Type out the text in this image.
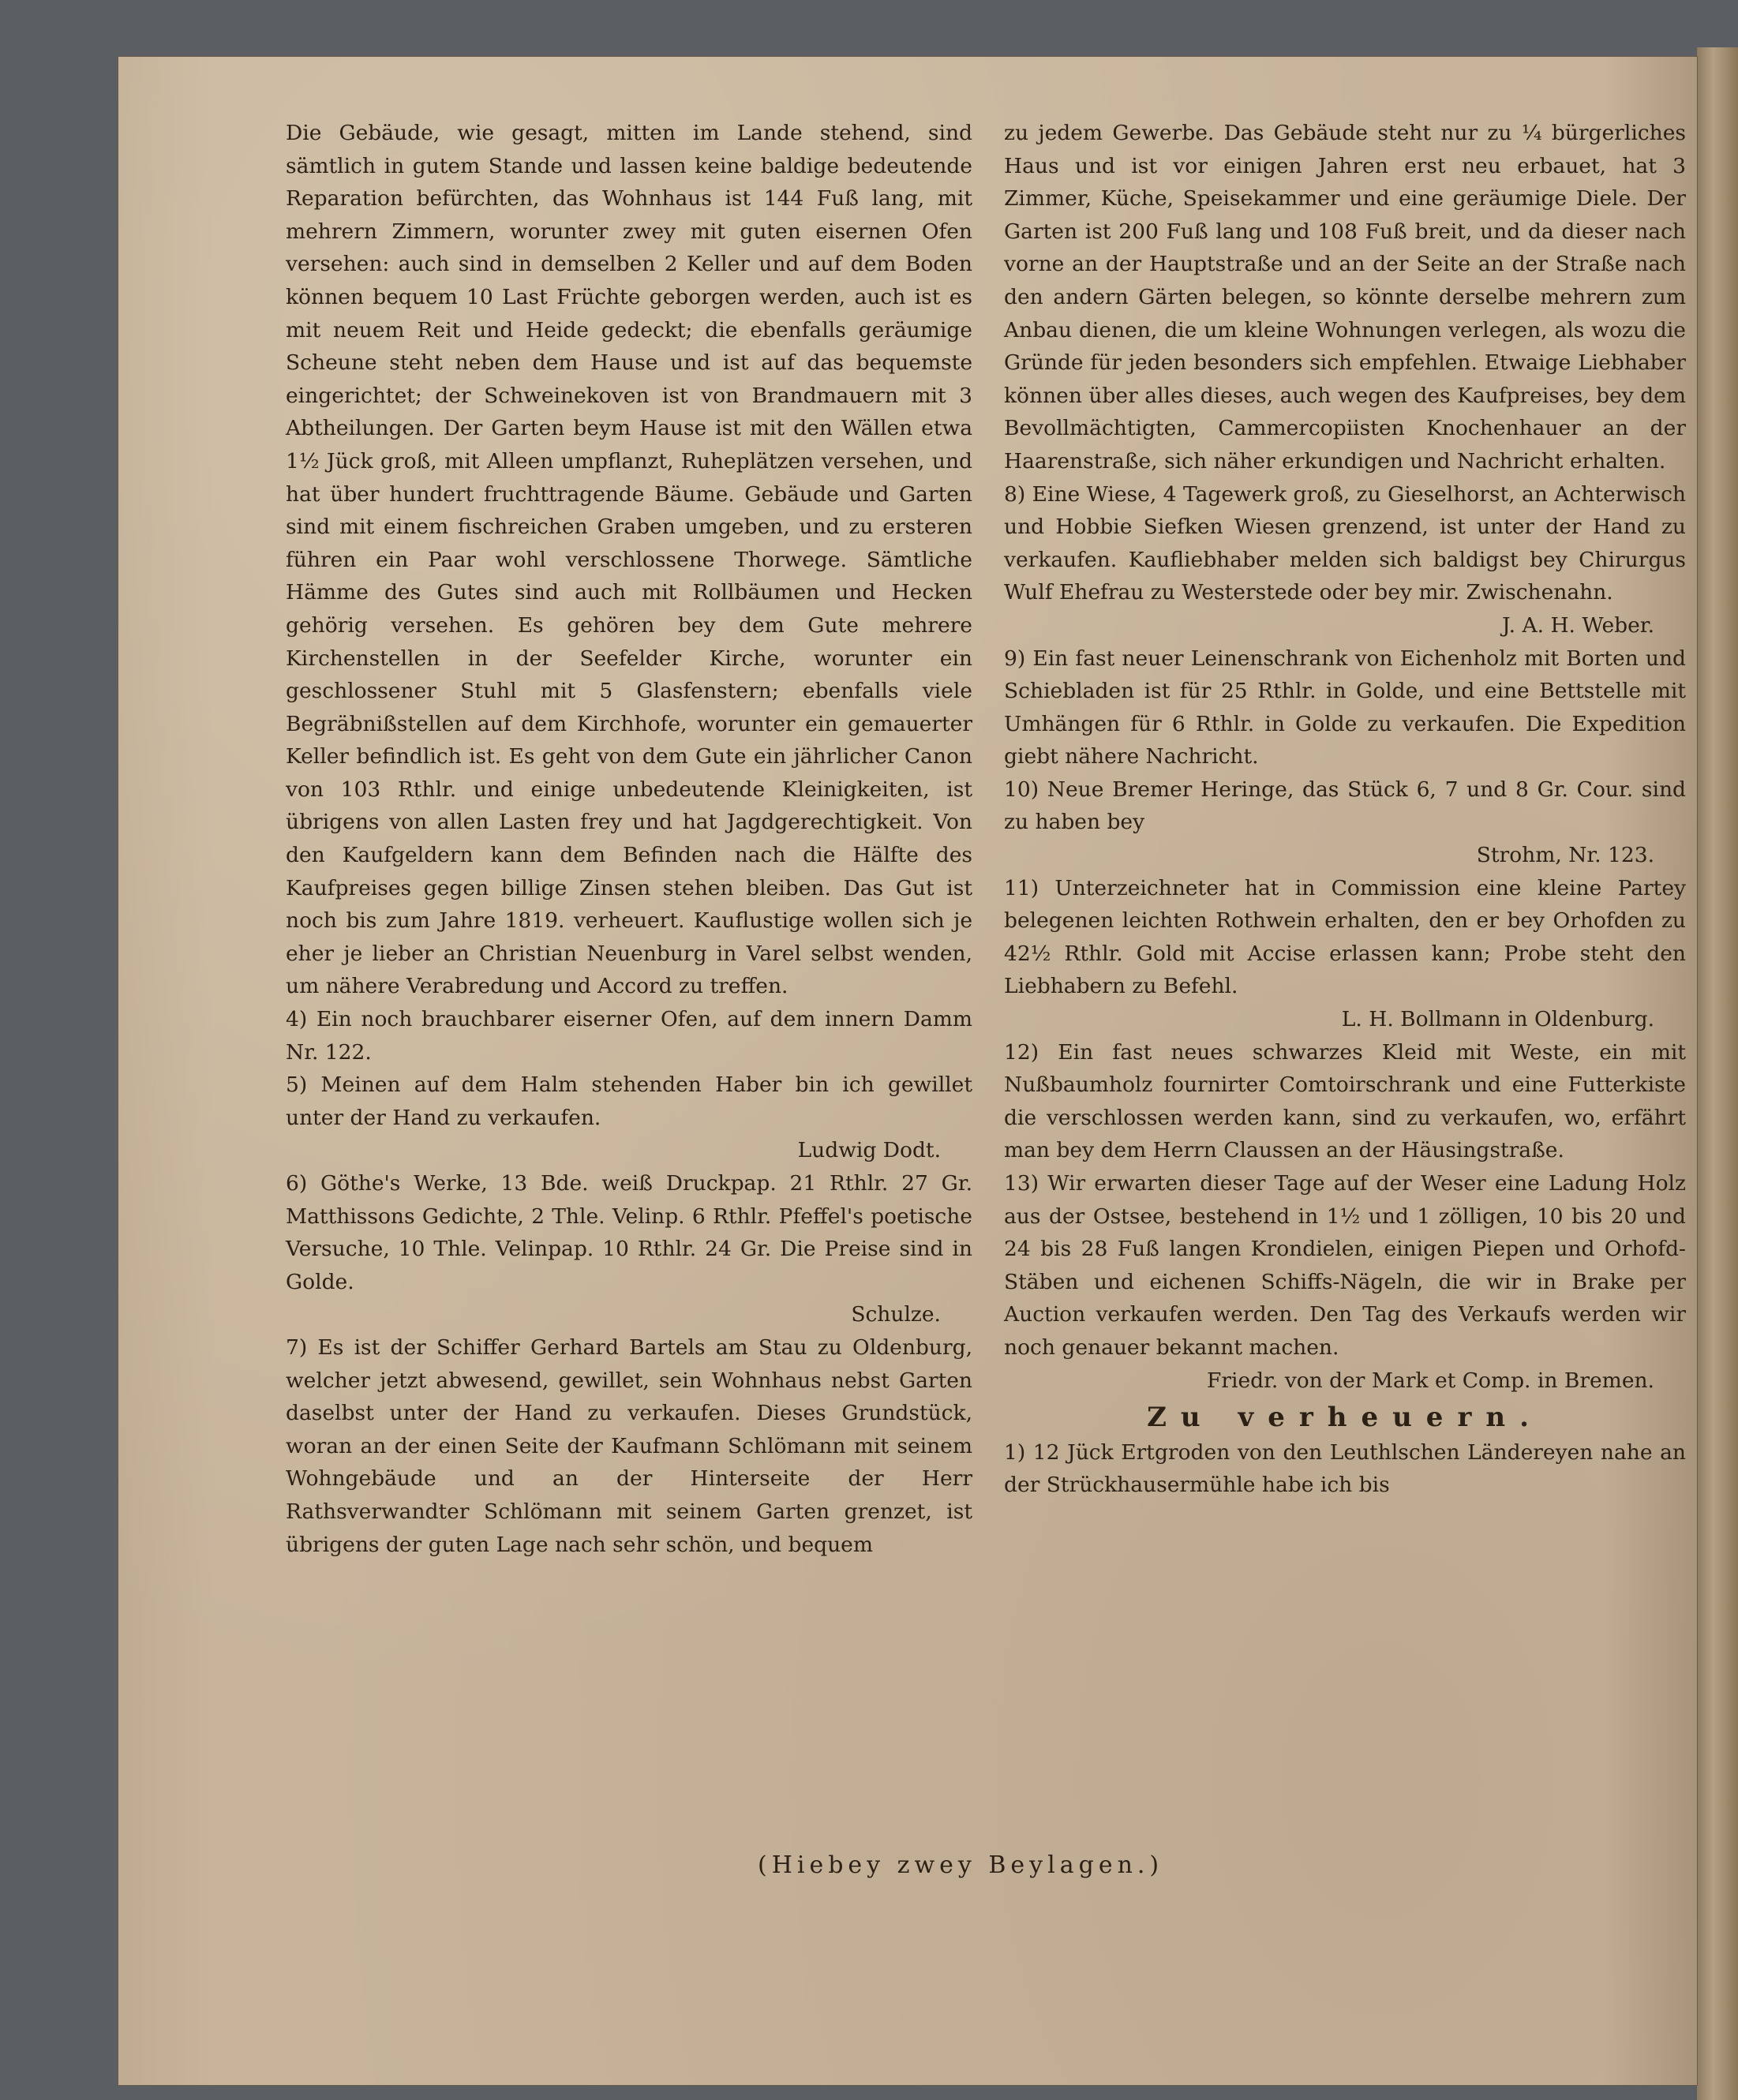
Die Gebäude, wie gesagt, mitten im Lande stehend, sind sämtlich in gutem Stande und lassen keine baldige bedeutende Reparation befürchten, das Wohnhaus ist 144 Fuß lang, mit mehrern Zimmern, worunter zwey mit guten eisernen Ofen versehen: auch sind in demselben 2 Keller und auf dem Boden können bequem 10 Last Früchte geborgen werden, auch ist es mit neuem Reit und Heide gedeckt; die ebenfalls geräumige Scheune steht neben dem Hause und ist auf das bequemste eingerichtet; der Schweinekoven ist von Brandmauern mit 3 Abtheilungen. Der Garten beym Hause ist mit den Wällen etwa 1½ Jück groß, mit Alleen umpflanzt, Ruheplätzen versehen, und hat über hundert fruchttragende Bäume. Gebäude und Garten sind mit einem fischreichen Graben umgeben, und zu ersteren führen ein Paar wohl verschlossene Thorwege. Sämtliche Hämme des Gutes sind auch mit Rollbäumen und Hecken gehörig versehen. Es gehören bey dem Gute mehrere Kirchenstellen in der Seefelder Kirche, worunter ein geschlossener Stuhl mit 5 Glasfenstern; ebenfalls viele Begräbnißstellen auf dem Kirchhofe, worunter ein gemauerter Keller befindlich ist. Es geht von dem Gute ein jährlicher Canon von 103 Rthlr. und einige unbedeutende Kleinigkeiten, ist übrigens von allen Lasten frey und hat Jagdgerechtigkeit. Von den Kaufgeldern kann dem Befinden nach die Hälfte des Kaufpreises gegen billige Zinsen stehen bleiben. Das Gut ist noch bis zum Jahre 1819. verheuert. Kauflustige wollen sich je eher je lieber an Christian Neuenburg in Varel selbst wenden, um nähere Verabredung und Accord zu treffen.

4) Ein noch brauchbarer eiserner Ofen, auf dem innern Damm Nr. 122.

5) Meinen auf dem Halm stehenden Haber bin ich gewillet unter der Hand zu verkaufen.

Ludwig Dodt.

6) Göthe's Werke, 13 Bde. weiß Druckpap. 21 Rthlr. 27 Gr. Matthissons Gedichte, 2 Thle. Velinp. 6 Rthlr. Pfeffel's poetische Versuche, 10 Thle. Velinpap. 10 Rthlr. 24 Gr. Die Preise sind in Golde.

Schulze.

7) Es ist der Schiffer Gerhard Bartels am Stau zu Oldenburg, welcher jetzt abwesend, gewillet, sein Wohnhaus nebst Garten daselbst unter der Hand zu verkaufen. Dieses Grundstück, woran an der einen Seite der Kaufmann Schlömann mit seinem Wohngebäude und an der Hinterseite der Herr Rathsverwandter Schlömann mit seinem Garten grenzet, ist übrigens der guten Lage nach sehr schön, und bequem

zu jedem Gewerbe. Das Gebäude steht nur zu ¼ bürgerliches Haus und ist vor einigen Jahren erst neu erbauet, hat 3 Zimmer, Küche, Speisekammer und eine geräumige Diele. Der Garten ist 200 Fuß lang und 108 Fuß breit, und da dieser nach vorne an der Hauptstraße und an der Seite an der Straße nach den andern Gärten belegen, so könnte derselbe mehrern zum Anbau dienen, die um kleine Wohnungen verlegen, als wozu die Gründe für jeden besonders sich empfehlen. Etwaige Liebhaber können über alles dieses, auch wegen des Kaufpreises, bey dem Bevollmächtigten, Cammercopiisten Knochenhauer an der Haarenstraße, sich näher erkundigen und Nachricht erhalten.

8) Eine Wiese, 4 Tagewerk groß, zu Gieselhorst, an Achterwisch und Hobbie Siefken Wiesen grenzend, ist unter der Hand zu verkaufen. Kaufliebhaber melden sich baldigst bey Chirurgus Wulf Ehefrau zu Westerstede oder bey mir. Zwischenahn.

J. A. H. Weber.

9) Ein fast neuer Leinenschrank von Eichenholz mit Borten und Schiebladen ist für 25 Rthlr. in Golde, und eine Bettstelle mit Umhängen für 6 Rthlr. in Golde zu verkaufen. Die Expedition giebt nähere Nachricht.

10) Neue Bremer Heringe, das Stück 6, 7 und 8 Gr. Cour. sind zu haben bey

Strohm, Nr. 123.

11) Unterzeichneter hat in Commission eine kleine Partey belegenen leichten Rothwein erhalten, den er bey Orhofden zu 42½ Rthlr. Gold mit Accise erlassen kann; Probe steht den Liebhabern zu Befehl.

L. H. Bollmann in Oldenburg.

12) Ein fast neues schwarzes Kleid mit Weste, ein mit Nußbaumholz fournirter Comtoirschrank und eine Futterkiste die verschlossen werden kann, sind zu verkaufen, wo, erfährt man bey dem Herrn Claussen an der Häusingstraße.

13) Wir erwarten dieser Tage auf der Weser eine Ladung Holz aus der Ostsee, bestehend in 1½ und 1 zölligen, 10 bis 20 und 24 bis 28 Fuß langen Krondielen, einigen Piepen und Orhofd-Stäben und eichenen Schiffs-Nägeln, die wir in Brake per Auction verkaufen werden. Den Tag des Verkaufs werden wir noch genauer bekannt machen.

Friedr. von der Mark et Comp. in Bremen.

Zu verheuern.

1) 12 Jück Ertgroden von den Leuthlschen Ländereyen nahe an der Strückhausermühle habe ich bis

(Hiebey zwey Beylagen.)
